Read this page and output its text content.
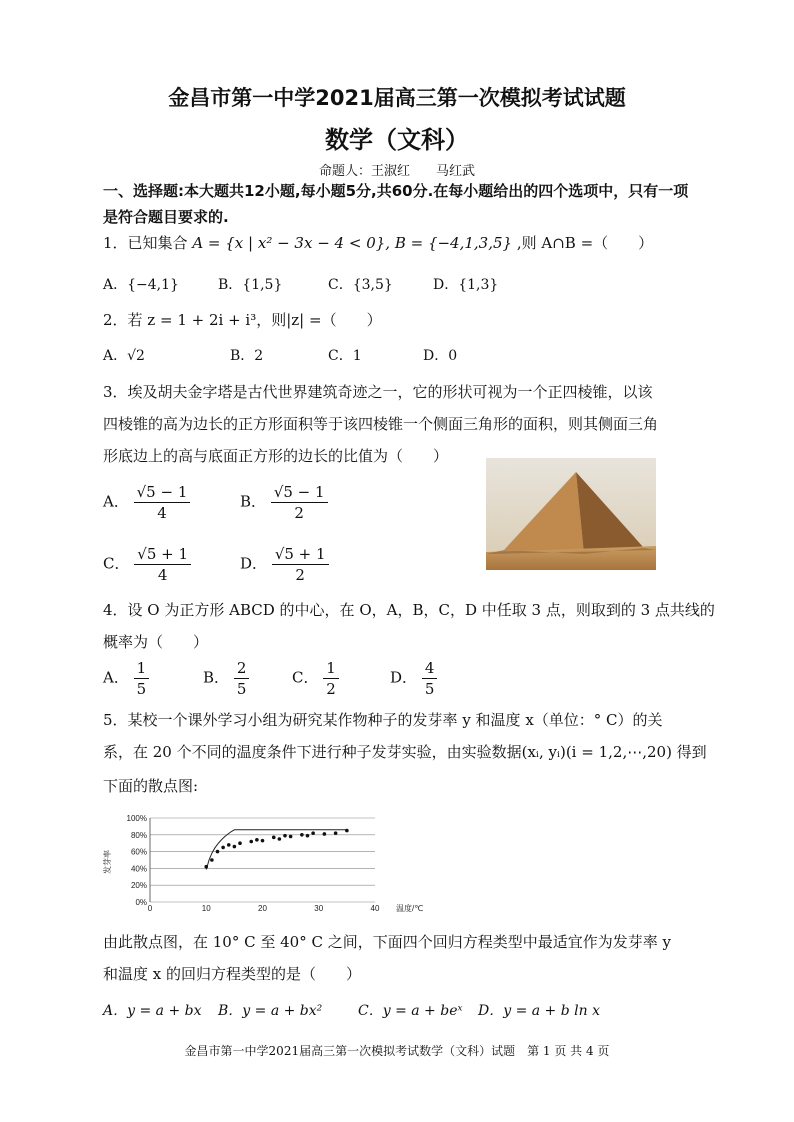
金昌市第一中学2021届高三第一次模拟考试试题
数学（文科）
命题人：王淑红　　马红武
一、选择题:本大题共12小题,每小题5分,共60分.在每小题给出的四个选项中，只有一项是符合题目要求的.
1．已知集合 A = {x | x² − 3x − 4 < 0}, B = {−4,1,3,5} ,则 A∩B =（　　）
A．{−4,1}	B．{1,5}	C．{3,5}	D．{1,3}
2．若 z = 1 + 2i + i³，则|z| =（　　）
A．√2	B．2	C．1	D．0
3．埃及胡夫金字塔是古代世界建筑奇迹之一，它的形状可视为一个正四棱锥，以该
四棱锥的高为边长的正方形面积等于该四棱锥一个侧面三角形的面积，则其侧面三角
形底边上的高与底面正方形的边长的比值为（　　）
A． $\frac{√5 - 1}{4}$	B． $\frac{√5 - 1}{2}$
C． $\frac{√5 + 1}{4}$	D． $\frac{√5 + 1}{2}$
4．设 O 为正方形 ABCD 的中心，在 O，A，B，C，D 中任取 3 点，则取到的 3 点共线的
概率为（　　）
A． $\frac{1}{5}$	B． $\frac{2}{5}$	C． $\frac{1}{2}$	D． $\frac{4}{5}$
5．某校一个课外学习小组为研究某作物种子的发芽率 y 和温度 x（单位：° C）的关
系，在 20 个不同的温度条件下进行种子发芽实验，由实验数据(xᵢ, yᵢ)(i = 1,2,⋯,20) 得到
下面的散点图:
0%
20%
40%
60%
80%
100%
0	10	20	30	40
发芽率
温度/℃
由此散点图，在 10° C 至 40° C 之间，下面四个回归方程类型中最适宜作为发芽率 y
和温度 x 的回归方程类型的是（　　）
A．y = a + bx B．y = a + bx²	C．y = a + beˣ D．y = a + b ln x
金昌市第一中学2021届高三第一次模拟考试数学（文科）试题　第 1 页 共 4 页
